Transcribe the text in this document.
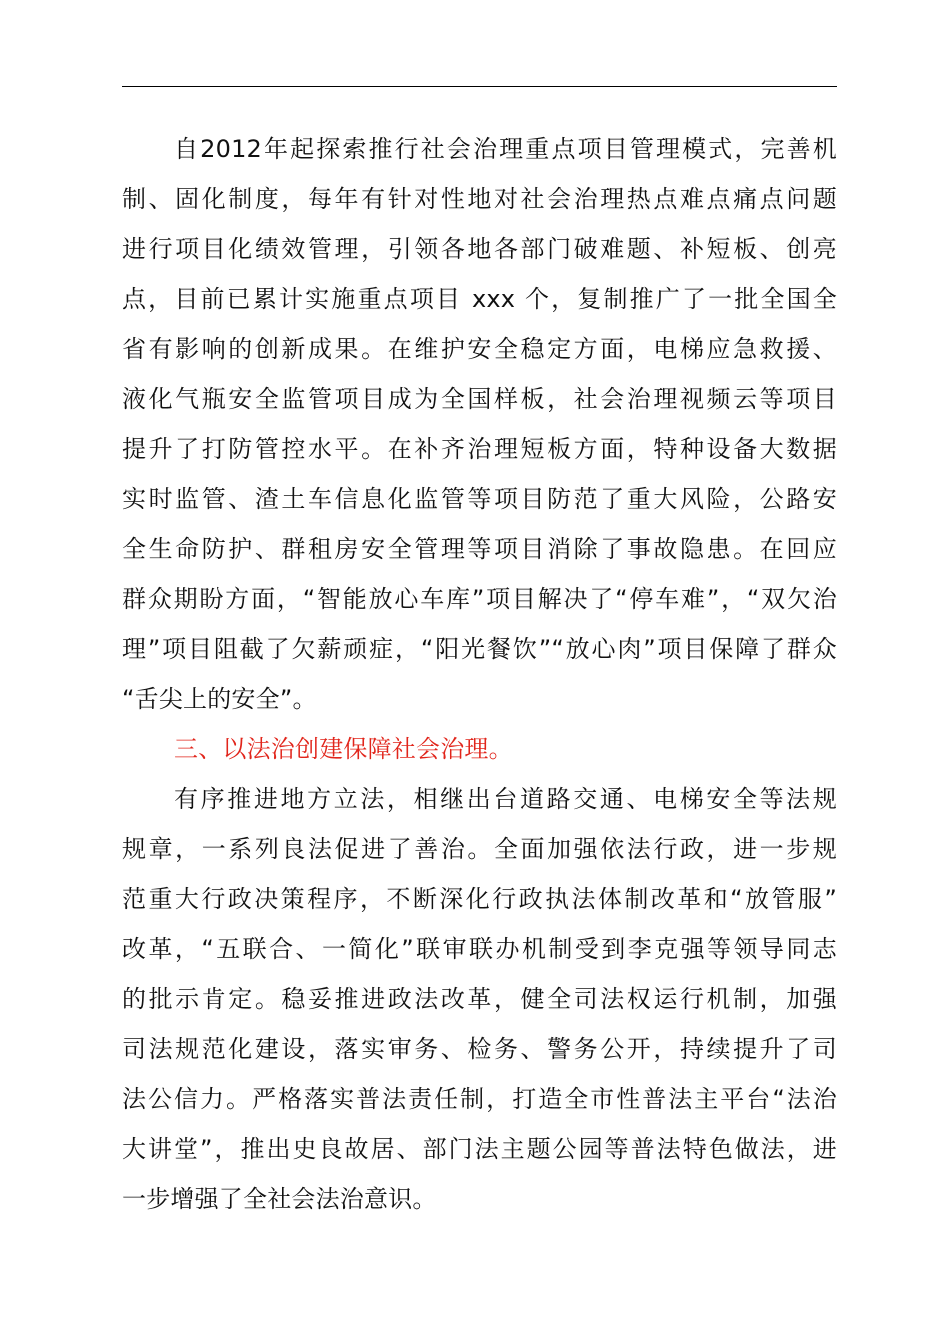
自2012年起探索推行社会治理重点项目管理模式，完善机
制、固化制度，每年有针对性地对社会治理热点难点痛点问题
进行项目化绩效管理，引领各地各部门破难题、补短板、创亮
点，目前已累计实施重点项目 xxx 个，复制推广了一批全国全
省有影响的创新成果。在维护安全稳定方面，电梯应急救援、
液化气瓶安全监管项目成为全国样板，社会治理视频云等项目
提升了打防管控水平。在补齐治理短板方面，特种设备大数据
实时监管、渣土车信息化监管等项目防范了重大风险，公路安
全生命防护、群租房安全管理等项目消除了事故隐患。在回应
群众期盼方面，“智能放心车库”项目解决了“停车难”，“双欠治
理”项目阻截了欠薪顽症，“阳光餐饮”“放心肉”项目保障了群众
“舌尖上的安全”。
三、以法治创建保障社会治理。
有序推进地方立法，相继出台道路交通、电梯安全等法规
规章，一系列良法促进了善治。全面加强依法行政，进一步规
范重大行政决策程序，不断深化行政执法体制改革和“放管服”
改革，“五联合、一简化”联审联办机制受到李克强等领导同志
的批示肯定。稳妥推进政法改革，健全司法权运行机制，加强
司法规范化建设，落实审务、检务、警务公开，持续提升了司
法公信力。严格落实普法责任制，打造全市性普法主平台“法治
大讲堂”，推出史良故居、部门法主题公园等普法特色做法，进
一步增强了全社会法治意识。
